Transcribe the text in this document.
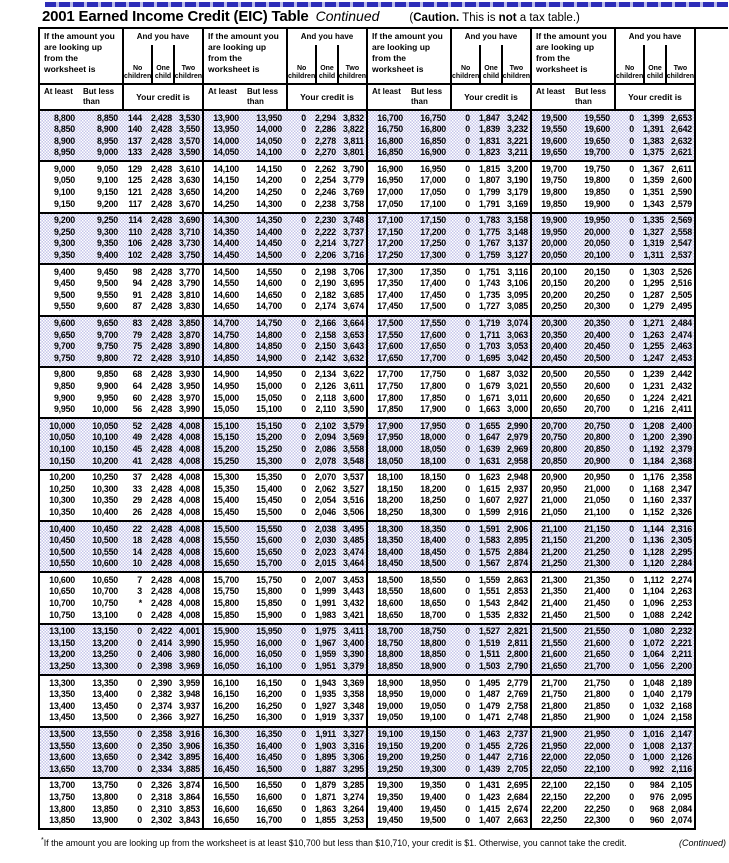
2001 Earned Income Credit (EIC) Table Continued	(Caution. This is not a tax table.)
If the amount you are looking up from the worksheet is
And you have
No children
One child
Two children
At least	But less than	Your credit is
8,800	8,850	144	2,428 3,530
8,850	8,900	140	2,428 3,550
8,900	8,950	137	2,428 3,570
8,950	9,000	133	2,428 3,590
9,000	9,050	129	2,428 3,610
9,050	9,100	125	2,428 3,630
9,100	9,150	121	2,428 3,650
9,150	9,200	117	2,428 3,670
9,200	9,250	114	2,428 3,690
9,250	9,300	110	2,428 3,710
9,300	9,350	106	2,428 3,730
9,350	9,400	102	2,428 3,750
9,400	9,450	98	2,428 3,770
9,450	9,500	94	2,428 3,790
9,500	9,550	91	2,428 3,810
9,550	9,600	87	2,428 3,830
9,600	9,650	83	2,428 3,850
9,650	9,700	79	2,428 3,870
9,700	9,750	75	2,428 3,890
9,750	9,800	72	2,428 3,910
9,800	9,850	68	2,428 3,930
9,850	9,900	64	2,428 3,950
9,900	9,950	60	2,428 3,970
9,950	10,000	56	2,428 3,990
10,000	10,050	52	2,428 4,008
10,050	10,100	49	2,428 4,008
10,100	10,150	45	2,428 4,008
10,150	10,200	41	2,428 4,008
10,200	10,250	37	2,428 4,008
10,250	10,300	33	2,428 4,008
10,300	10,350	29	2,428 4,008
10,350	10,400	26	2,428 4,008
10,400	10,450	22	2,428 4,008
10,450	10,500	18	2,428 4,008
10,500	10,550	14	2,428 4,008
10,550	10,600	10	2,428 4,008
10,600	10,650	7	2,428 4,008
10,650	10,700	3	2,428 4,008
10,700	10,750	*	2,428 4,008
10,750	13,100	0	2,428 4,008
13,100	13,150	0	2,422 4,001
13,150	13,200	0	2,414 3,990
13,200	13,250	0	2,406 3,980
13,250	13,300	0	2,398 3,969
13,300	13,350	0	2,390 3,959
13,350	13,400	0	2,382 3,948
13,400	13,450	0	2,374 3,937
13,450	13,500	0	2,366 3,927
13,500	13,550	0	2,358 3,916
13,550	13,600	0	2,350 3,906
13,600	13,650	0	2,342 3,895
13,650	13,700	0	2,334 3,885
13,700	13,750	0	2,326 3,874
13,750	13,800	0	2,318 3,864
13,800	13,850	0	2,310 3,853
13,850	13,900	0	2,302 3,843
If the amount you are looking up from the worksheet is
And you have
No children
One child
Two children
At least	But less than	Your credit is
13,900	13,950	0	2,294 3,832
13,950	14,000	0	2,286 3,822
14,000	14,050	0	2,278 3,811
14,050	14,100	0	2,270 3,801
14,100	14,150	0	2,262 3,790
14,150	14,200	0	2,254 3,779
14,200	14,250	0	2,246 3,769
14,250	14,300	0	2,238 3,758
14,300	14,350	0	2,230 3,748
14,350	14,400	0	2,222 3,737
14,400	14,450	0	2,214 3,727
14,450	14,500	0	2,206 3,716
14,500	14,550	0	2,198 3,706
14,550	14,600	0	2,190 3,695
14,600	14,650	0	2,182 3,685
14,650	14,700	0	2,174 3,674
14,700	14,750	0	2,166 3,664
14,750	14,800	0	2,158 3,653
14,800	14,850	0	2,150 3,643
14,850	14,900	0	2,142 3,632
14,900	14,950	0	2,134 3,622
14,950	15,000	0	2,126 3,611
15,000	15,050	0	2,118 3,600
15,050	15,100	0	2,110 3,590
15,100	15,150	0	2,102 3,579
15,150	15,200	0	2,094 3,569
15,200	15,250	0	2,086 3,558
15,250	15,300	0	2,078 3,548
15,300	15,350	0	2,070 3,537
15,350	15,400	0	2,062 3,527
15,400	15,450	0	2,054 3,516
15,450	15,500	0	2,046 3,506
15,500	15,550	0	2,038 3,495
15,550	15,600	0	2,030 3,485
15,600	15,650	0	2,023 3,474
15,650	15,700	0	2,015 3,464
15,700	15,750	0	2,007 3,453
15,750	15,800	0	1,999 3,443
15,800	15,850	0	1,991 3,432
15,850	15,900	0	1,983 3,421
15,900	15,950	0	1,975 3,411
15,950	16,000	0	1,967 3,400
16,000	16,050	0	1,959 3,390
16,050	16,100	0	1,951 3,379
16,100	16,150	0	1,943 3,369
16,150	16,200	0	1,935 3,358
16,200	16,250	0	1,927 3,348
16,250	16,300	0	1,919 3,337
16,300	16,350	0	1,911 3,327
16,350	16,400	0	1,903 3,316
16,400	16,450	0	1,895 3,306
16,450	16,500	0	1,887 3,295
16,500	16,550	0	1,879 3,285
16,550	16,600	0	1,871 3,274
16,600	16,650	0	1,863 3,264
16,650	16,700	0	1,855 3,253
If the amount you are looking up from the worksheet is
And you have
No children
One child
Two children
At least	But less than	Your credit is
16,700	16,750	0	1,847 3,242
16,750	16,800	0	1,839 3,232
16,800	16,850	0	1,831 3,221
16,850	16,900	0	1,823 3,211
16,900	16,950	0	1,815 3,200
16,950	17,000	0	1,807 3,190
17,000	17,050	0	1,799 3,179
17,050	17,100	0	1,791 3,169
17,100	17,150	0	1,783 3,158
17,150	17,200	0	1,775 3,148
17,200	17,250	0	1,767 3,137
17,250	17,300	0	1,759 3,127
17,300	17,350	0	1,751 3,116
17,350	17,400	0	1,743 3,106
17,400	17,450	0	1,735 3,095
17,450	17,500	0	1,727 3,085
17,500	17,550	0	1,719 3,074
17,550	17,600	0	1,711 3,063
17,600	17,650	0	1,703 3,053
17,650	17,700	0	1,695 3,042
17,700	17,750	0	1,687 3,032
17,750	17,800	0	1,679 3,021
17,800	17,850	0	1,671 3,011
17,850	17,900	0	1,663 3,000
17,900	17,950	0	1,655 2,990
17,950	18,000	0	1,647 2,979
18,000	18,050	0	1,639 2,969
18,050	18,100	0	1,631 2,958
18,100	18,150	0	1,623 2,948
18,150	18,200	0	1,615 2,937
18,200	18,250	0	1,607 2,927
18,250	18,300	0	1,599 2,916
18,300	18,350	0	1,591 2,906
18,350	18,400	0	1,583 2,895
18,400	18,450	0	1,575 2,884
18,450	18,500	0	1,567 2,874
18,500	18,550	0	1,559 2,863
18,550	18,600	0	1,551 2,853
18,600	18,650	0	1,543 2,842
18,650	18,700	0	1,535 2,832
18,700	18,750	0	1,527 2,821
18,750	18,800	0	1,519 2,811
18,800	18,850	0	1,511 2,800
18,850	18,900	0	1,503 2,790
18,900	18,950	0	1,495 2,779
18,950	19,000	0	1,487 2,769
19,000	19,050	0	1,479 2,758
19,050	19,100	0	1,471 2,748
19,100	19,150	0	1,463 2,737
19,150	19,200	0	1,455 2,726
19,200	19,250	0	1,447 2,716
19,250	19,300	0	1,439 2,705
19,300	19,350	0	1,431 2,695
19,350	19,400	0	1,423 2,684
19,400	19,450	0	1,415 2,674
19,450	19,500	0	1,407 2,663
If the amount you are looking up from the worksheet is
And you have
No children
One child
Two children
At least	But less than	Your credit is
19,500	19,550	0	1,399 2,653
19,550	19,600	0	1,391 2,642
19,600	19,650	0	1,383 2,632
19,650	19,700	0	1,375 2,621
19,700	19,750	0	1,367 2,611
19,750	19,800	0	1,359 2,600
19,800	19,850	0	1,351 2,590
19,850	19,900	0	1,343 2,579
19,900	19,950	0	1,335 2,569
19,950	20,000	0	1,327 2,558
20,000	20,050	0	1,319 2,547
20,050	20,100	0	1,311 2,537
20,100	20,150	0	1,303 2,526
20,150	20,200	0	1,295 2,516
20,200	20,250	0	1,287 2,505
20,250	20,300	0	1,279 2,495
20,300	20,350	0	1,271 2,484
20,350	20,400	0	1,263 2,474
20,400	20,450	0	1,255 2,463
20,450	20,500	0	1,247 2,453
20,500	20,550	0	1,239 2,442
20,550	20,600	0	1,231 2,432
20,600	20,650	0	1,224 2,421
20,650	20,700	0	1,216 2,411
20,700	20,750	0	1,208 2,400
20,750	20,800	0	1,200 2,390
20,800	20,850	0	1,192 2,379
20,850	20,900	0	1,184 2,368
20,900	20,950	0	1,176 2,358
20,950	21,000	0	1,168 2,347
21,000	21,050	0	1,160 2,337
21,050	21,100	0	1,152 2,326
21,100	21,150	0	1,144 2,316
21,150	21,200	0	1,136 2,305
21,200	21,250	0	1,128 2,295
21,250	21,300	0	1,120 2,284
21,300	21,350	0	1,112 2,274
21,350	21,400	0	1,104 2,263
21,400	21,450	0	1,096 2,253
21,450	21,500	0	1,088 2,242
21,500	21,550	0	1,080 2,232
21,550	21,600	0	1,072 2,221
21,600	21,650	0	1,064 2,211
21,650	21,700	0	1,056 2,200
21,700	21,750	0	1,048 2,189
21,750	21,800	0	1,040 2,179
21,800	21,850	0	1,032 2,168
21,850	21,900	0	1,024 2,158
21,900	21,950	0	1,016 2,147
21,950	22,000	0	1,008 2,137
22,000	22,050	0	1,000 2,126
22,050	22,100	0	992 2,116
22,100	22,150	0	984 2,105
22,150	22,200	0	976 2,095
22,200	22,250	0	968 2,084
22,250	22,300	0	960 2,074
*If the amount you are looking up from the worksheet is at least $10,700 but less than $10,710, your credit is $1. Otherwise, you cannot take the credit.	(Continued)
